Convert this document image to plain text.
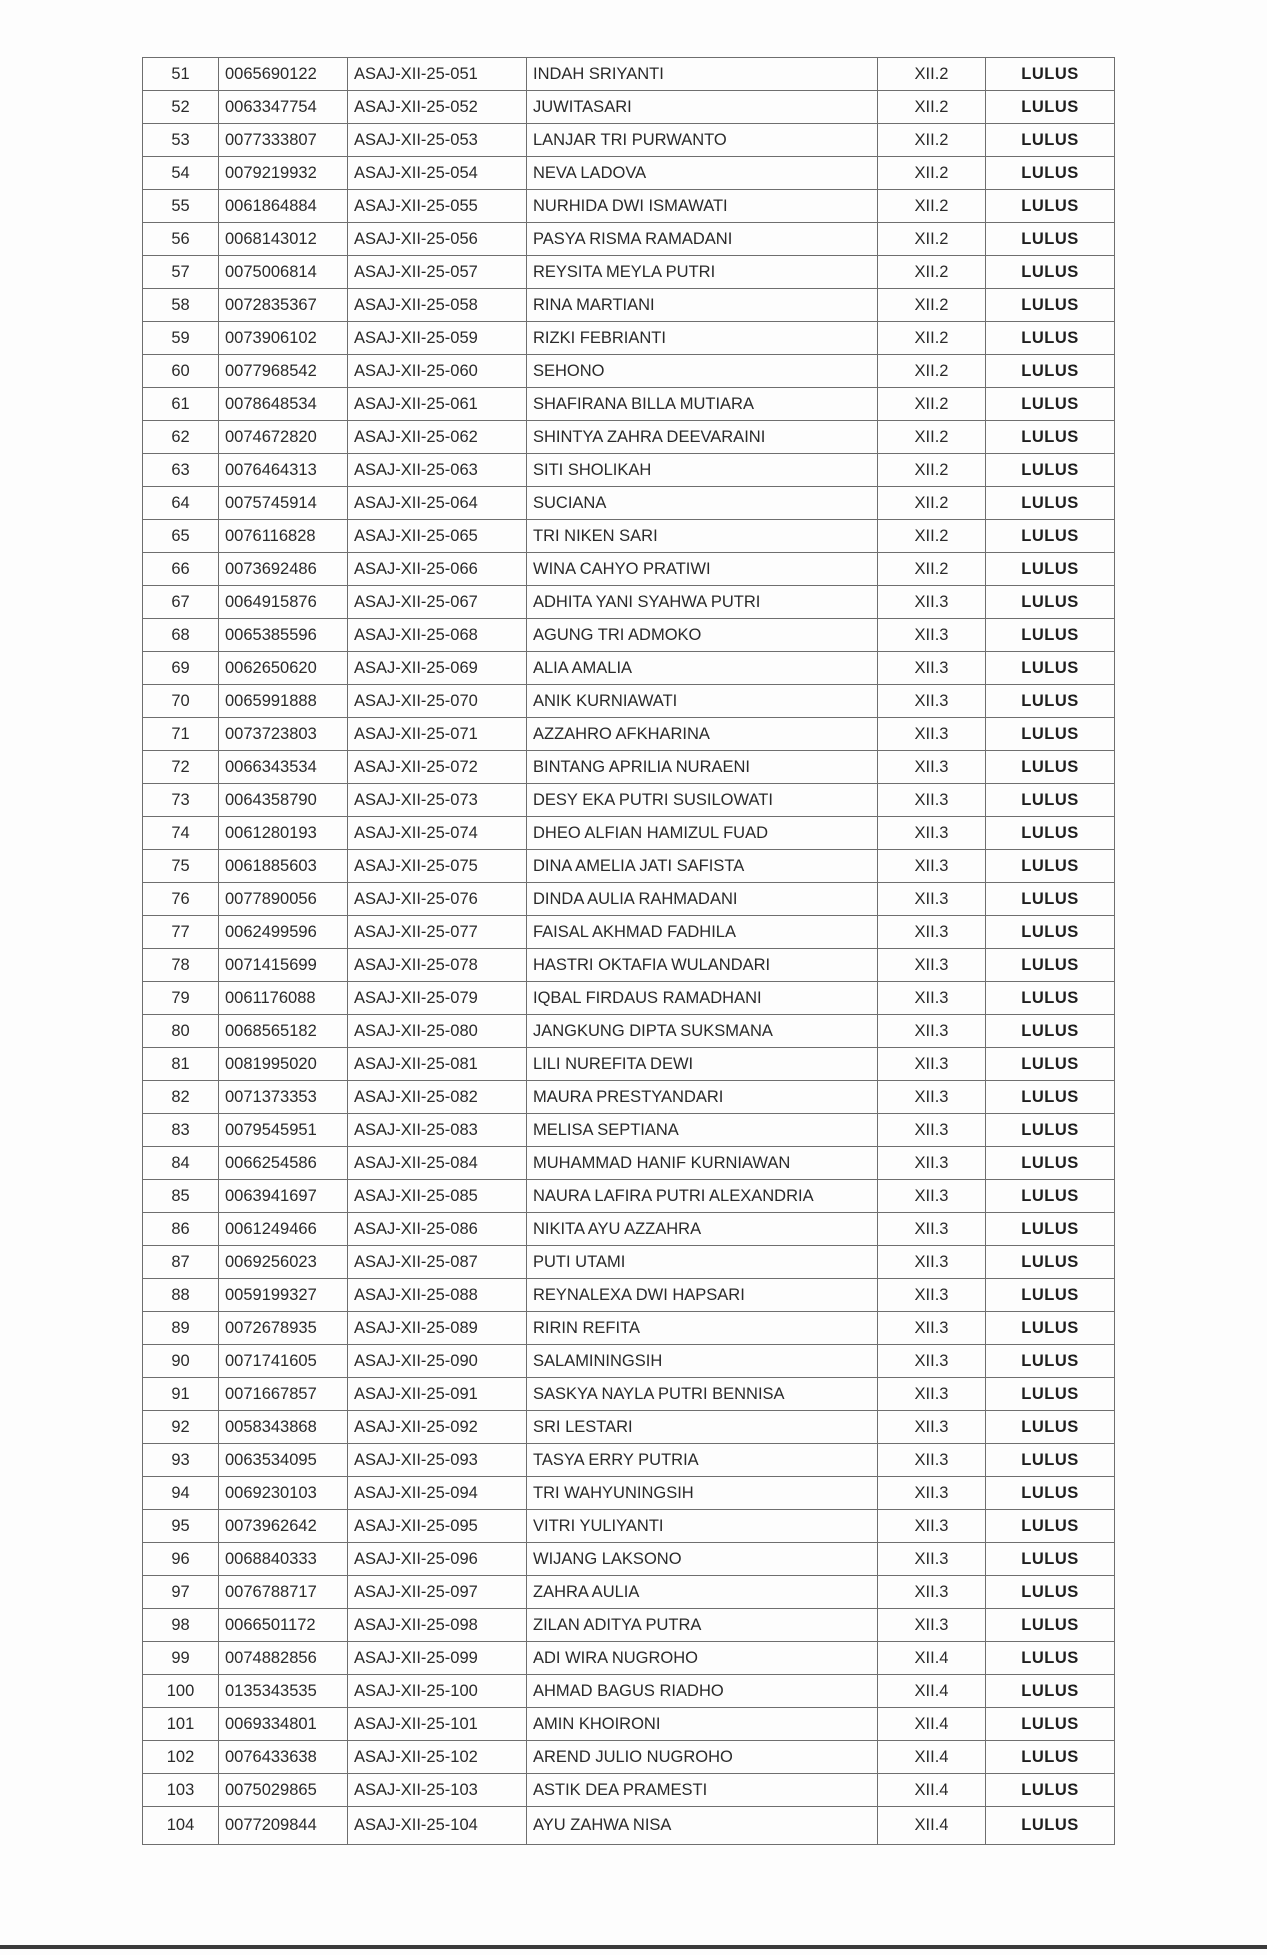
51	0065690122	ASAJ-XII-25-051	INDAH SRIYANTI	XII.2	LULUS
52	0063347754	ASAJ-XII-25-052	JUWITASARI	XII.2	LULUS
53	0077333807	ASAJ-XII-25-053	LANJAR TRI PURWANTO	XII.2	LULUS
54	0079219932	ASAJ-XII-25-054	NEVA LADOVA	XII.2	LULUS
55	0061864884	ASAJ-XII-25-055	NURHIDA DWI ISMAWATI	XII.2	LULUS
56	0068143012	ASAJ-XII-25-056	PASYA RISMA RAMADANI	XII.2	LULUS
57	0075006814	ASAJ-XII-25-057	REYSITA MEYLA PUTRI	XII.2	LULUS
58	0072835367	ASAJ-XII-25-058	RINA MARTIANI	XII.2	LULUS
59	0073906102	ASAJ-XII-25-059	RIZKI FEBRIANTI	XII.2	LULUS
60	0077968542	ASAJ-XII-25-060	SEHONO	XII.2	LULUS
61	0078648534	ASAJ-XII-25-061	SHAFIRANA BILLA MUTIARA	XII.2	LULUS
62	0074672820	ASAJ-XII-25-062	SHINTYA ZAHRA DEEVARAINI	XII.2	LULUS
63	0076464313	ASAJ-XII-25-063	SITI SHOLIKAH	XII.2	LULUS
64	0075745914	ASAJ-XII-25-064	SUCIANA	XII.2	LULUS
65	0076116828	ASAJ-XII-25-065	TRI NIKEN SARI	XII.2	LULUS
66	0073692486	ASAJ-XII-25-066	WINA CAHYO PRATIWI	XII.2	LULUS
67	0064915876	ASAJ-XII-25-067	ADHITA YANI SYAHWA PUTRI	XII.3	LULUS
68	0065385596	ASAJ-XII-25-068	AGUNG TRI ADMOKO	XII.3	LULUS
69	0062650620	ASAJ-XII-25-069	ALIA AMALIA	XII.3	LULUS
70	0065991888	ASAJ-XII-25-070	ANIK KURNIAWATI	XII.3	LULUS
71	0073723803	ASAJ-XII-25-071	AZZAHRO AFKHARINA	XII.3	LULUS
72	0066343534	ASAJ-XII-25-072	BINTANG APRILIA NURAENI	XII.3	LULUS
73	0064358790	ASAJ-XII-25-073	DESY EKA PUTRI SUSILOWATI	XII.3	LULUS
74	0061280193	ASAJ-XII-25-074	DHEO ALFIAN HAMIZUL FUAD	XII.3	LULUS
75	0061885603	ASAJ-XII-25-075	DINA AMELIA JATI SAFISTA	XII.3	LULUS
76	0077890056	ASAJ-XII-25-076	DINDA AULIA RAHMADANI	XII.3	LULUS
77	0062499596	ASAJ-XII-25-077	FAISAL AKHMAD FADHILA	XII.3	LULUS
78	0071415699	ASAJ-XII-25-078	HASTRI OKTAFIA WULANDARI	XII.3	LULUS
79	0061176088	ASAJ-XII-25-079	IQBAL FIRDAUS RAMADHANI	XII.3	LULUS
80	0068565182	ASAJ-XII-25-080	JANGKUNG DIPTA SUKSMANA	XII.3	LULUS
81	0081995020	ASAJ-XII-25-081	LILI NUREFITA DEWI	XII.3	LULUS
82	0071373353	ASAJ-XII-25-082	MAURA PRESTYANDARI	XII.3	LULUS
83	0079545951	ASAJ-XII-25-083	MELISA SEPTIANA	XII.3	LULUS
84	0066254586	ASAJ-XII-25-084	MUHAMMAD HANIF KURNIAWAN	XII.3	LULUS
85	0063941697	ASAJ-XII-25-085	NAURA LAFIRA PUTRI ALEXANDRIA	XII.3	LULUS
86	0061249466	ASAJ-XII-25-086	NIKITA AYU AZZAHRA	XII.3	LULUS
87	0069256023	ASAJ-XII-25-087	PUTI UTAMI	XII.3	LULUS
88	0059199327	ASAJ-XII-25-088	REYNALEXA DWI HAPSARI	XII.3	LULUS
89	0072678935	ASAJ-XII-25-089	RIRIN REFITA	XII.3	LULUS
90	0071741605	ASAJ-XII-25-090	SALAMININGSIH	XII.3	LULUS
91	0071667857	ASAJ-XII-25-091	SASKYA NAYLA PUTRI BENNISA	XII.3	LULUS
92	0058343868	ASAJ-XII-25-092	SRI LESTARI	XII.3	LULUS
93	0063534095	ASAJ-XII-25-093	TASYA ERRY PUTRIA	XII.3	LULUS
94	0069230103	ASAJ-XII-25-094	TRI WAHYUNINGSIH	XII.3	LULUS
95	0073962642	ASAJ-XII-25-095	VITRI YULIYANTI	XII.3	LULUS
96	0068840333	ASAJ-XII-25-096	WIJANG LAKSONO	XII.3	LULUS
97	0076788717	ASAJ-XII-25-097	ZAHRA AULIA	XII.3	LULUS
98	0066501172	ASAJ-XII-25-098	ZILAN ADITYA PUTRA	XII.3	LULUS
99	0074882856	ASAJ-XII-25-099	ADI WIRA NUGROHO	XII.4	LULUS
100	0135343535	ASAJ-XII-25-100	AHMAD BAGUS RIADHO	XII.4	LULUS
101	0069334801	ASAJ-XII-25-101	AMIN KHOIRONI	XII.4	LULUS
102	0076433638	ASAJ-XII-25-102	AREND JULIO NUGROHO	XII.4	LULUS
103	0075029865	ASAJ-XII-25-103	ASTIK DEA PRAMESTI	XII.4	LULUS
104	0077209844	ASAJ-XII-25-104	AYU ZAHWA NISA	XII.4	LULUS
